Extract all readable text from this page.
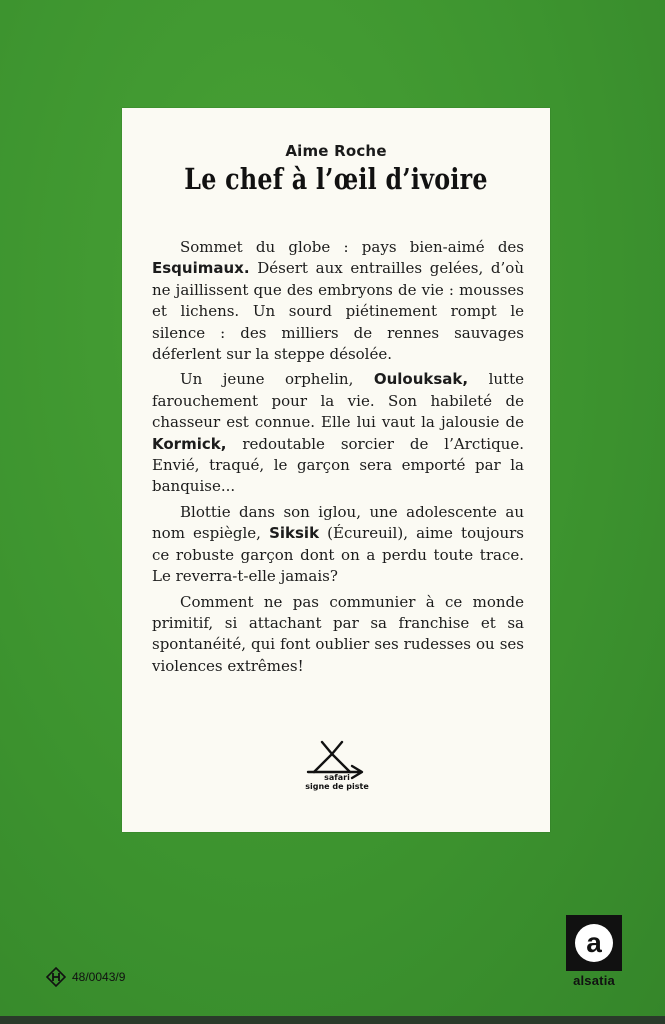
Aime Roche
Le chef à l’œil d’ivoire

Sommet du globe : pays bien-aimé des Esquimaux. Désert aux entrailles gelées, d’où ne jaillissent que des embryons de vie : mousses et lichens. Un sourd piétinement rompt le silence : des milliers de rennes sauvages déferlent sur la steppe désolée.

Un jeune orphelin, Oulouksak, lutte farouchement pour la vie. Son habileté de chasseur est connue. Elle lui vaut la jalousie de Kormick, redoutable sorcier de l’Arctique. Envié, traqué, le garçon sera emporté par la banquise...

Blottie dans son iglou, une adolescente au nom espiègle, Siksik (Écureuil), aime toujours ce robuste garçon dont on a perdu toute trace. Le reverra-t-elle jamais?

Comment ne pas communier à ce monde primitif, si attachant par sa franchise et sa spontanéité, qui font oublier ses rudesses ou ses violences extrêmes!

safari
signe de piste
48/0043/9
a
alsatia
